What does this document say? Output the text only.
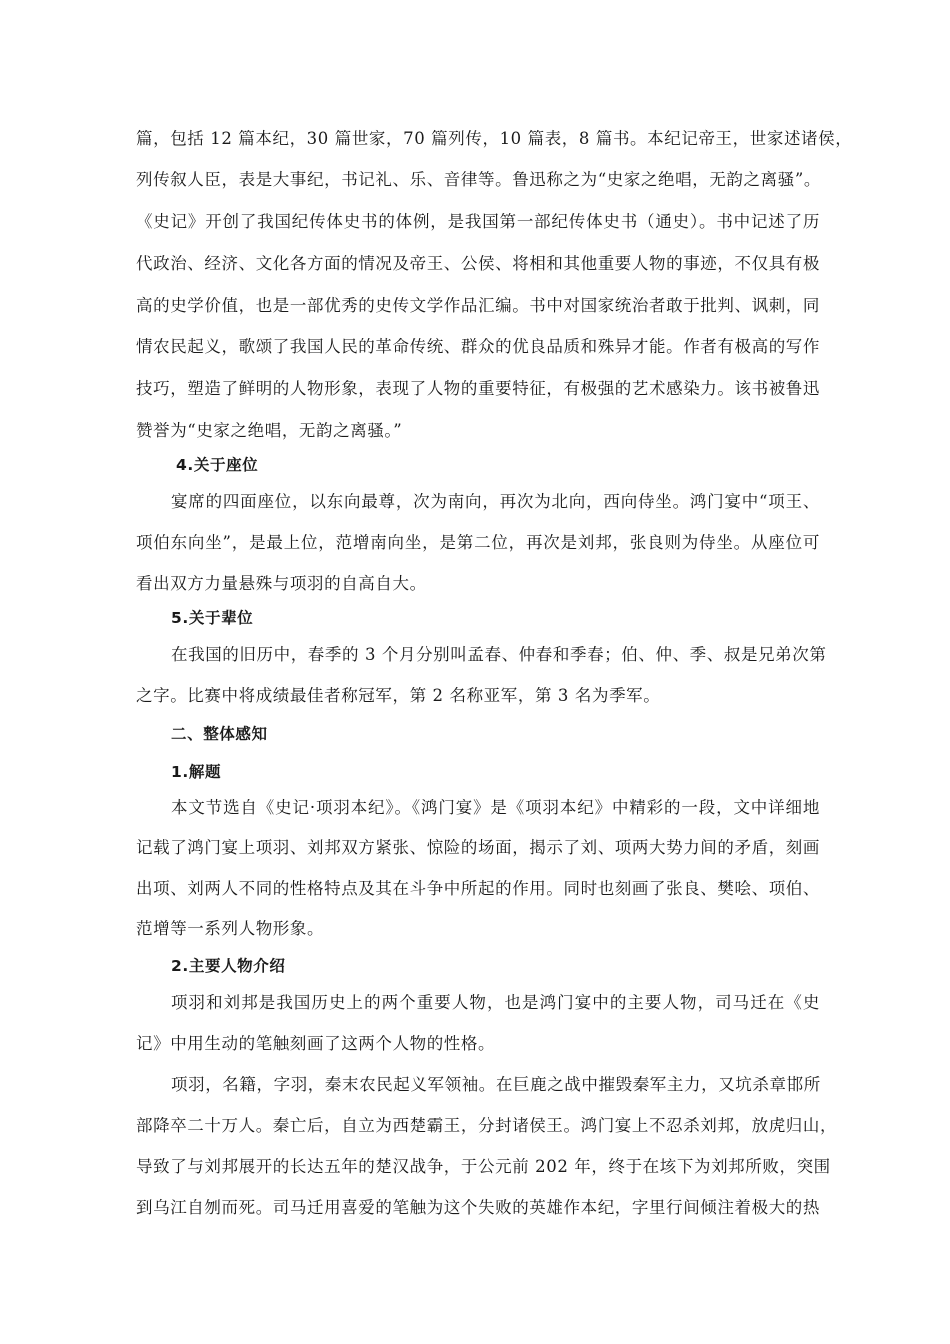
篇，包括 12 篇本纪，30 篇世家，70 篇列传，10 篇表，8 篇书。本纪记帝王，世家述诸侯，
列传叙人臣，表是大事纪，书记礼、乐、音律等。鲁迅称之为“史家之绝唱，无韵之离骚”。
《史记》开创了我国纪传体史书的体例，是我国第一部纪传体史书（通史）。书中记述了历
代政治、经济、文化各方面的情况及帝王、公侯、将相和其他重要人物的事迹，不仅具有极
高的史学价值，也是一部优秀的史传文学作品汇编。书中对国家统治者敢于批判、讽刺，同
情农民起义，歌颂了我国人民的革命传统、群众的优良品质和殊异才能。作者有极高的写作
技巧，塑造了鲜明的人物形象，表现了人物的重要特征，有极强的艺术感染力。该书被鲁迅
赞誉为“史家之绝唱，无韵之离骚。”
4.关于座位
宴席的四面座位，以东向最尊，次为南向，再次为北向，西向侍坐。鸿门宴中“项王、
项伯东向坐”，是最上位，范增南向坐，是第二位，再次是刘邦，张良则为侍坐。从座位可
看出双方力量悬殊与项羽的自高自大。
5.关于辈位
在我国的旧历中，春季的 3 个月分别叫孟春、仲春和季春；伯、仲、季、叔是兄弟次第
之字。比赛中将成绩最佳者称冠军，第 2 名称亚军，第 3 名为季军。
二、整体感知
1.解题
本文节选自《史记·项羽本纪》。《鸿门宴》是《项羽本纪》中精彩的一段，文中详细地
记载了鸿门宴上项羽、刘邦双方紧张、惊险的场面，揭示了刘、项两大势力间的矛盾，刻画
出项、刘两人不同的性格特点及其在斗争中所起的作用。同时也刻画了张良、樊哙、项伯、
范增等一系列人物形象。
2.主要人物介绍
项羽和刘邦是我国历史上的两个重要人物，也是鸿门宴中的主要人物，司马迁在《史
记》中用生动的笔触刻画了这两个人物的性格。
项羽，名籍，字羽，秦末农民起义军领袖。在巨鹿之战中摧毁秦军主力，又坑杀章邯所
部降卒二十万人。秦亡后，自立为西楚霸王，分封诸侯王。鸿门宴上不忍杀刘邦，放虎归山，
导致了与刘邦展开的长达五年的楚汉战争，于公元前 202 年，终于在垓下为刘邦所败，突围
到乌江自刎而死。司马迁用喜爱的笔触为这个失败的英雄作本纪，字里行间倾注着极大的热
